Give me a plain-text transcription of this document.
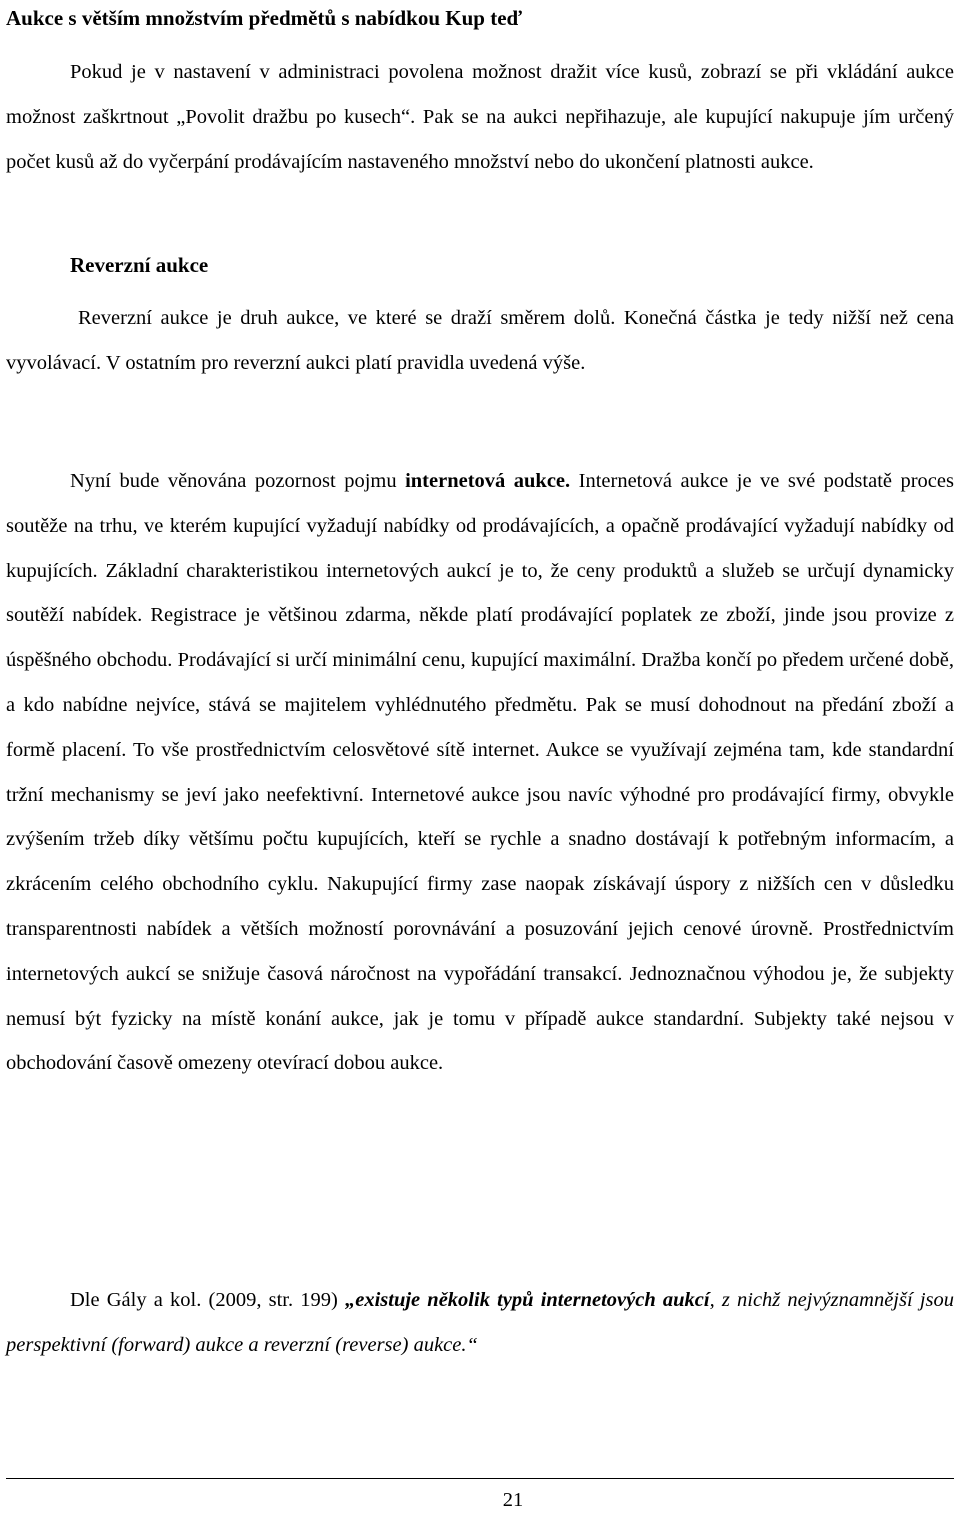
Aukce s větším množstvím předmětů s nabídkou Kup teď

Pokud je v nastavení v administraci povolena možnost dražit více kusů, zobrazí se při vkládání aukce možnost zaškrtnout „Povolit dražbu po kusech“. Pak se na aukci nepřihazuje, ale kupující nakupuje jím určený počet kusů až do vyčerpání prodávajícím nastaveného množství nebo do ukončení platnosti aukce.

Reverzní aukce

Reverzní aukce je druh aukce, ve které se draží směrem dolů. Konečná částka je tedy nižší než cena vyvolávací. V ostatním pro reverzní aukci platí pravidla uvedená výše.

Nyní bude věnována pozornost pojmu internetová aukce. Internetová aukce je ve své podstatě proces soutěže na trhu, ve kterém kupující vyžadují nabídky od prodávajících, a opačně prodávající vyžadují nabídky od kupujících. Základní charakteristikou internetových aukcí je to, že ceny produktů a služeb se určují dynamicky soutěží nabídek. Registrace je většinou zdarma, někde platí prodávající poplatek ze zboží, jinde jsou provize z úspěšného obchodu. Prodávající si určí minimální cenu, kupující maximální. Dražba končí po předem určené době, a kdo nabídne nejvíce, stává se majitelem vyhlédnutého předmětu. Pak se musí dohodnout na předání zboží a formě placení. To vše prostřednictvím celosvětové sítě internet. Aukce se využívají zejména tam, kde standardní tržní mechanismy se jeví jako neefektivní. Internetové aukce jsou navíc výhodné pro prodávající firmy, obvykle zvýšením tržeb díky většímu počtu kupujících, kteří se rychle a snadno dostávají k potřebným informacím, a zkrácením celého obchodního cyklu. Nakupující firmy zase naopak získávají úspory z nižších cen v důsledku transparentnosti nabídek a větších možností porovnávání a posuzování jejich cenové úrovně. Prostřednictvím internetových aukcí se snižuje časová náročnost na vypořádání transakcí. Jednoznačnou výhodou je, že subjekty nemusí být fyzicky na místě konání aukce, jak je tomu v případě aukce standardní. Subjekty také nejsou v obchodování časově omezeny otevírací dobou aukce.

Dle Gály a kol. (2009, str. 199) „existuje několik typů internetových aukcí, z nichž nejvýznamnější jsou perspektivní (forward) aukce a reverzní (reverse) aukce.“

21
